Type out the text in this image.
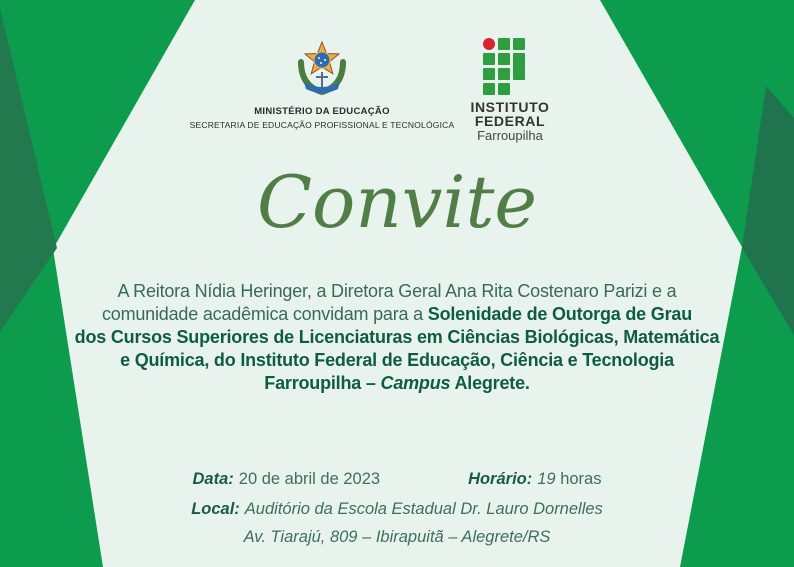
MINISTÉRIO DA EDUCAÇÃO
SECRETARIA DE EDUCAÇÃO PROFISSIONAL E TECNOLÓGICA
INSTITUTO
FEDERAL
Farroupilha
Convite
A Reitora Nídia Heringer, a Diretora Geral Ana Rita Costenaro Parizi e a
comunidade acadêmica convidam para a Solenidade de Outorga de Grau
dos Cursos Superiores de Licenciaturas em Ciências Biológicas, Matemática
e Química, do Instituto Federal de Educação, Ciência e Tecnologia
Farroupilha – Campus Alegrete.
Data: 20 de abril de 2023	Horário: 19 horas
Local: Auditório da Escola Estadual Dr. Lauro Dornelles
Av. Tiarajú, 809 – Ibirapuitã – Alegrete/RS
